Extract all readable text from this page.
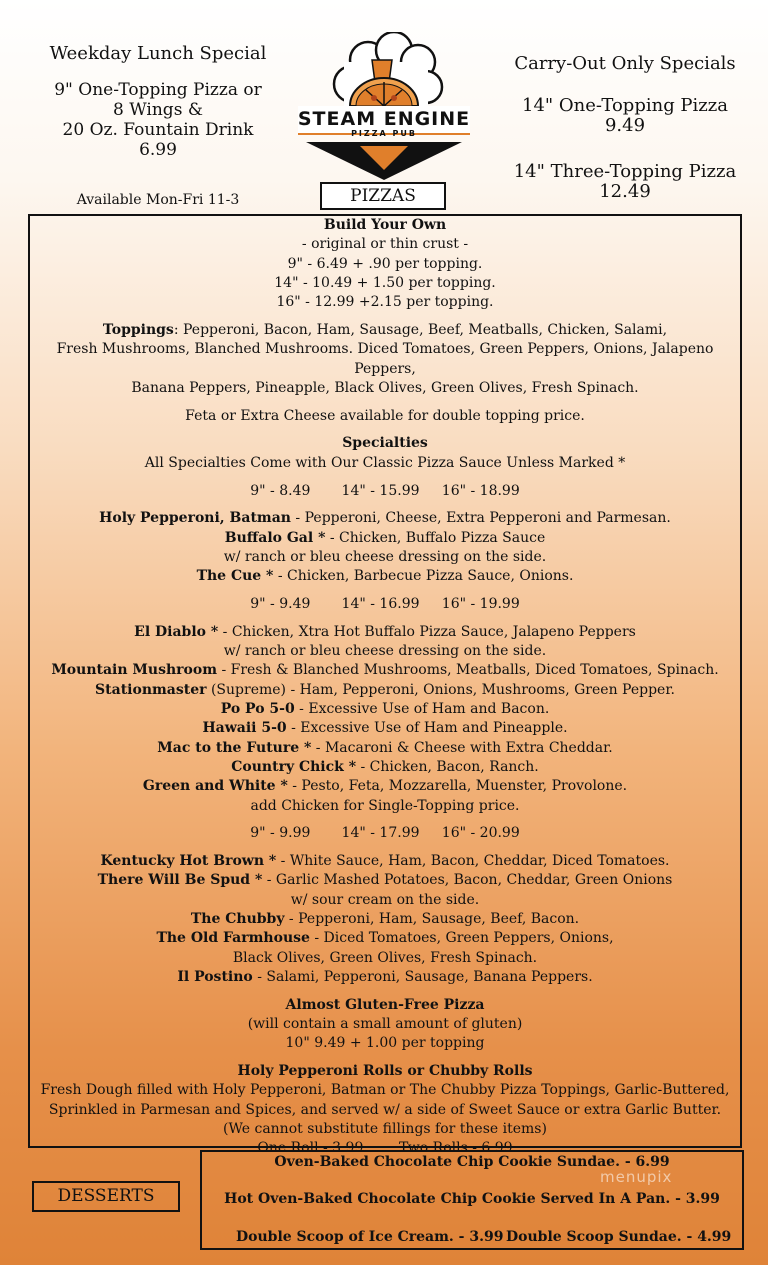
Weekday Lunch Special
9" One-Topping Pizza or
8 Wings &
20 Oz. Fountain Drink
6.99
Available Mon-Fri 11-3
STEAM ENGINE
PIZZA PUB
Carry-Out Only Specials
14" One-Topping Pizza
9.49
14" Three-Topping Pizza
12.49
PIZZAS

Build Your Own

- original or thin crust -

9" - 6.49 + .90 per topping.

14" - 10.49 + 1.50 per topping.

16" - 12.99 +2.15 per topping.

Toppings: Pepperoni, Bacon, Ham, Sausage, Beef, Meatballs, Chicken, Salami,

Fresh Mushrooms, Blanched Mushrooms. Diced Tomatoes, Green Peppers, Onions, Jalapeno Peppers,

Banana Peppers, Pineapple, Black Olives, Green Olives, Fresh Spinach.

Feta or Extra Cheese available for double topping price.

Specialties

All Specialties Come with Our Classic Pizza Sauce Unless Marked *

9" - 8.49 14" - 15.99 16" - 18.99

Holy Pepperoni, Batman - Pepperoni, Cheese, Extra Pepperoni and Parmesan.

Buffalo Gal * - Chicken, Buffalo Pizza Sauce

w/ ranch or bleu cheese dressing on the side.

The Cue * - Chicken, Barbecue Pizza Sauce, Onions.

9" - 9.49 14" - 16.99 16" - 19.99

El Diablo * - Chicken, Xtra Hot Buffalo Pizza Sauce, Jalapeno Peppers

w/ ranch or bleu cheese dressing on the side.

Mountain Mushroom - Fresh & Blanched Mushrooms, Meatballs, Diced Tomatoes, Spinach.

Stationmaster (Supreme) - Ham, Pepperoni, Onions, Mushrooms, Green Pepper.

Po Po 5-0 - Excessive Use of Ham and Bacon.

Hawaii 5-0 - Excessive Use of Ham and Pineapple.

Mac to the Future * - Macaroni & Cheese with Extra Cheddar.

Country Chick * - Chicken, Bacon, Ranch.

Green and White * - Pesto, Feta, Mozzarella, Muenster, Provolone.

add Chicken for Single-Topping price.

9" - 9.99 14" - 17.99 16" - 20.99

Kentucky Hot Brown * - White Sauce, Ham, Bacon, Cheddar, Diced Tomatoes.

There Will Be Spud * - Garlic Mashed Potatoes, Bacon, Cheddar, Green Onions

w/ sour cream on the side.

The Chubby - Pepperoni, Ham, Sausage, Beef, Bacon.

The Old Farmhouse - Diced Tomatoes, Green Peppers, Onions,

Black Olives, Green Olives, Fresh Spinach.

Il Postino - Salami, Pepperoni, Sausage, Banana Peppers.

Almost Gluten-Free Pizza

(will contain a small amount of gluten)

10" 9.49 + 1.00 per topping

Holy Pepperoni Rolls or Chubby Rolls

Fresh Dough filled with Holy Pepperoni, Batman or The Chubby Pizza Toppings, Garlic-Buttered,

Sprinkled in Parmesan and Spices, and served w/ a side of Sweet Sauce or extra Garlic Butter.

(We cannot substitute fillings for these items)

One Roll - 3.99	Two Rolls - 6.99

DESSERTS
Oven-Baked Chocolate Chip Cookie Sundae. - 6.99
Hot Oven-Baked Chocolate Chip Cookie Served In A Pan. - 3.99
Double Scoop of Ice Cream. - 3.99 Double Scoop Sundae. - 4.99
menupix
